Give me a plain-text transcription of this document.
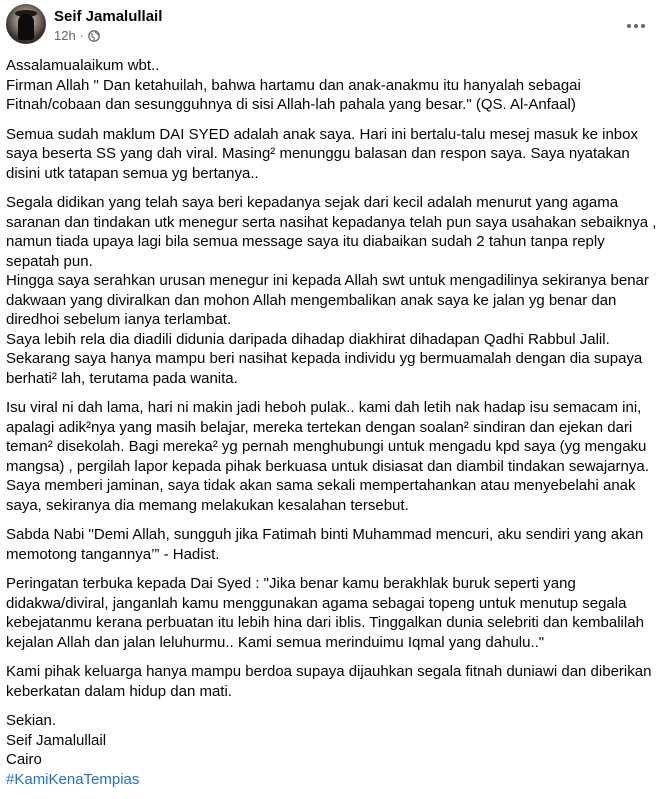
Seif Jamalullail
12h ·

Assalamualaikum wbt..
Firman Allah " Dan ketahuilah, bahwa hartamu dan anak-anakmu itu hanyalah sebagai Fitnah/cobaan dan sesungguhnya di sisi Allah-lah pahala yang besar." (QS. Al-Anfaal)

Semua sudah maklum DAI SYED adalah anak saya. Hari ini bertalu-talu mesej masuk ke inbox saya beserta SS yang dah viral. Masing² menunggu balasan dan respon saya. Saya nyatakan disini utk tatapan semua yg bertanya..

Segala didikan yang telah saya beri kepadanya sejak dari kecil adalah menurut yang agama saranan dan tindakan utk menegur serta nasihat kepadanya telah pun saya usahakan sebaiknya , namun tiada upaya lagi bila semua message saya itu diabaikan sudah 2 tahun tanpa reply sepatah pun.
Hingga saya serahkan urusan menegur ini kepada Allah swt untuk mengadilinya sekiranya benar dakwaan yang diviralkan dan mohon Allah mengembalikan anak saya ke jalan yg benar dan diredhoi sebelum ianya terlambat.
Saya lebih rela dia diadili didunia daripada dihadap diakhirat dihadapan Qadhi Rabbul Jalil. Sekarang saya hanya mampu beri nasihat kepada individu yg bermuamalah dengan dia supaya berhati² lah, terutama pada wanita.

Isu viral ni dah lama, hari ni makin jadi heboh pulak.. kami dah letih nak hadap isu semacam ini, apalagi adik²nya yang masih belajar, mereka tertekan dengan soalan² sindiran dan ejekan dari teman² disekolah. Bagi mereka² yg pernah menghubungi untuk mengadu kpd saya (yg mengaku mangsa) , pergilah lapor kepada pihak berkuasa untuk disiasat dan diambil tindakan sewajarnya. Saya memberi jaminan, saya tidak akan sama sekali mempertahankan atau menyebelahi anak saya, sekiranya dia memang melakukan kesalahan tersebut.

Sabda Nabi "Demi Allah, sungguh jika Fatimah binti Muhammad mencuri, aku sendiri yang akan memotong tangannya’” - Hadist.

Peringatan terbuka kepada Dai Syed : "Jika benar kamu berakhlak buruk seperti yang didakwa/diviral, janganlah kamu menggunakan agama sebagai topeng untuk menutup segala kebejatanmu kerana perbuatan itu lebih hina dari iblis. Tinggalkan dunia selebriti dan kembalilah kejalan Allah dan jalan leluhurmu.. Kami semua merinduimu Iqmal yang dahulu.."

Kami pihak keluarga hanya mampu berdoa supaya dijauhkan segala fitnah duniawi dan diberikan keberkatan dalam hidup dan mati.

Sekian.
Seif Jamalullail
Cairo
#KamiKenaTempias
